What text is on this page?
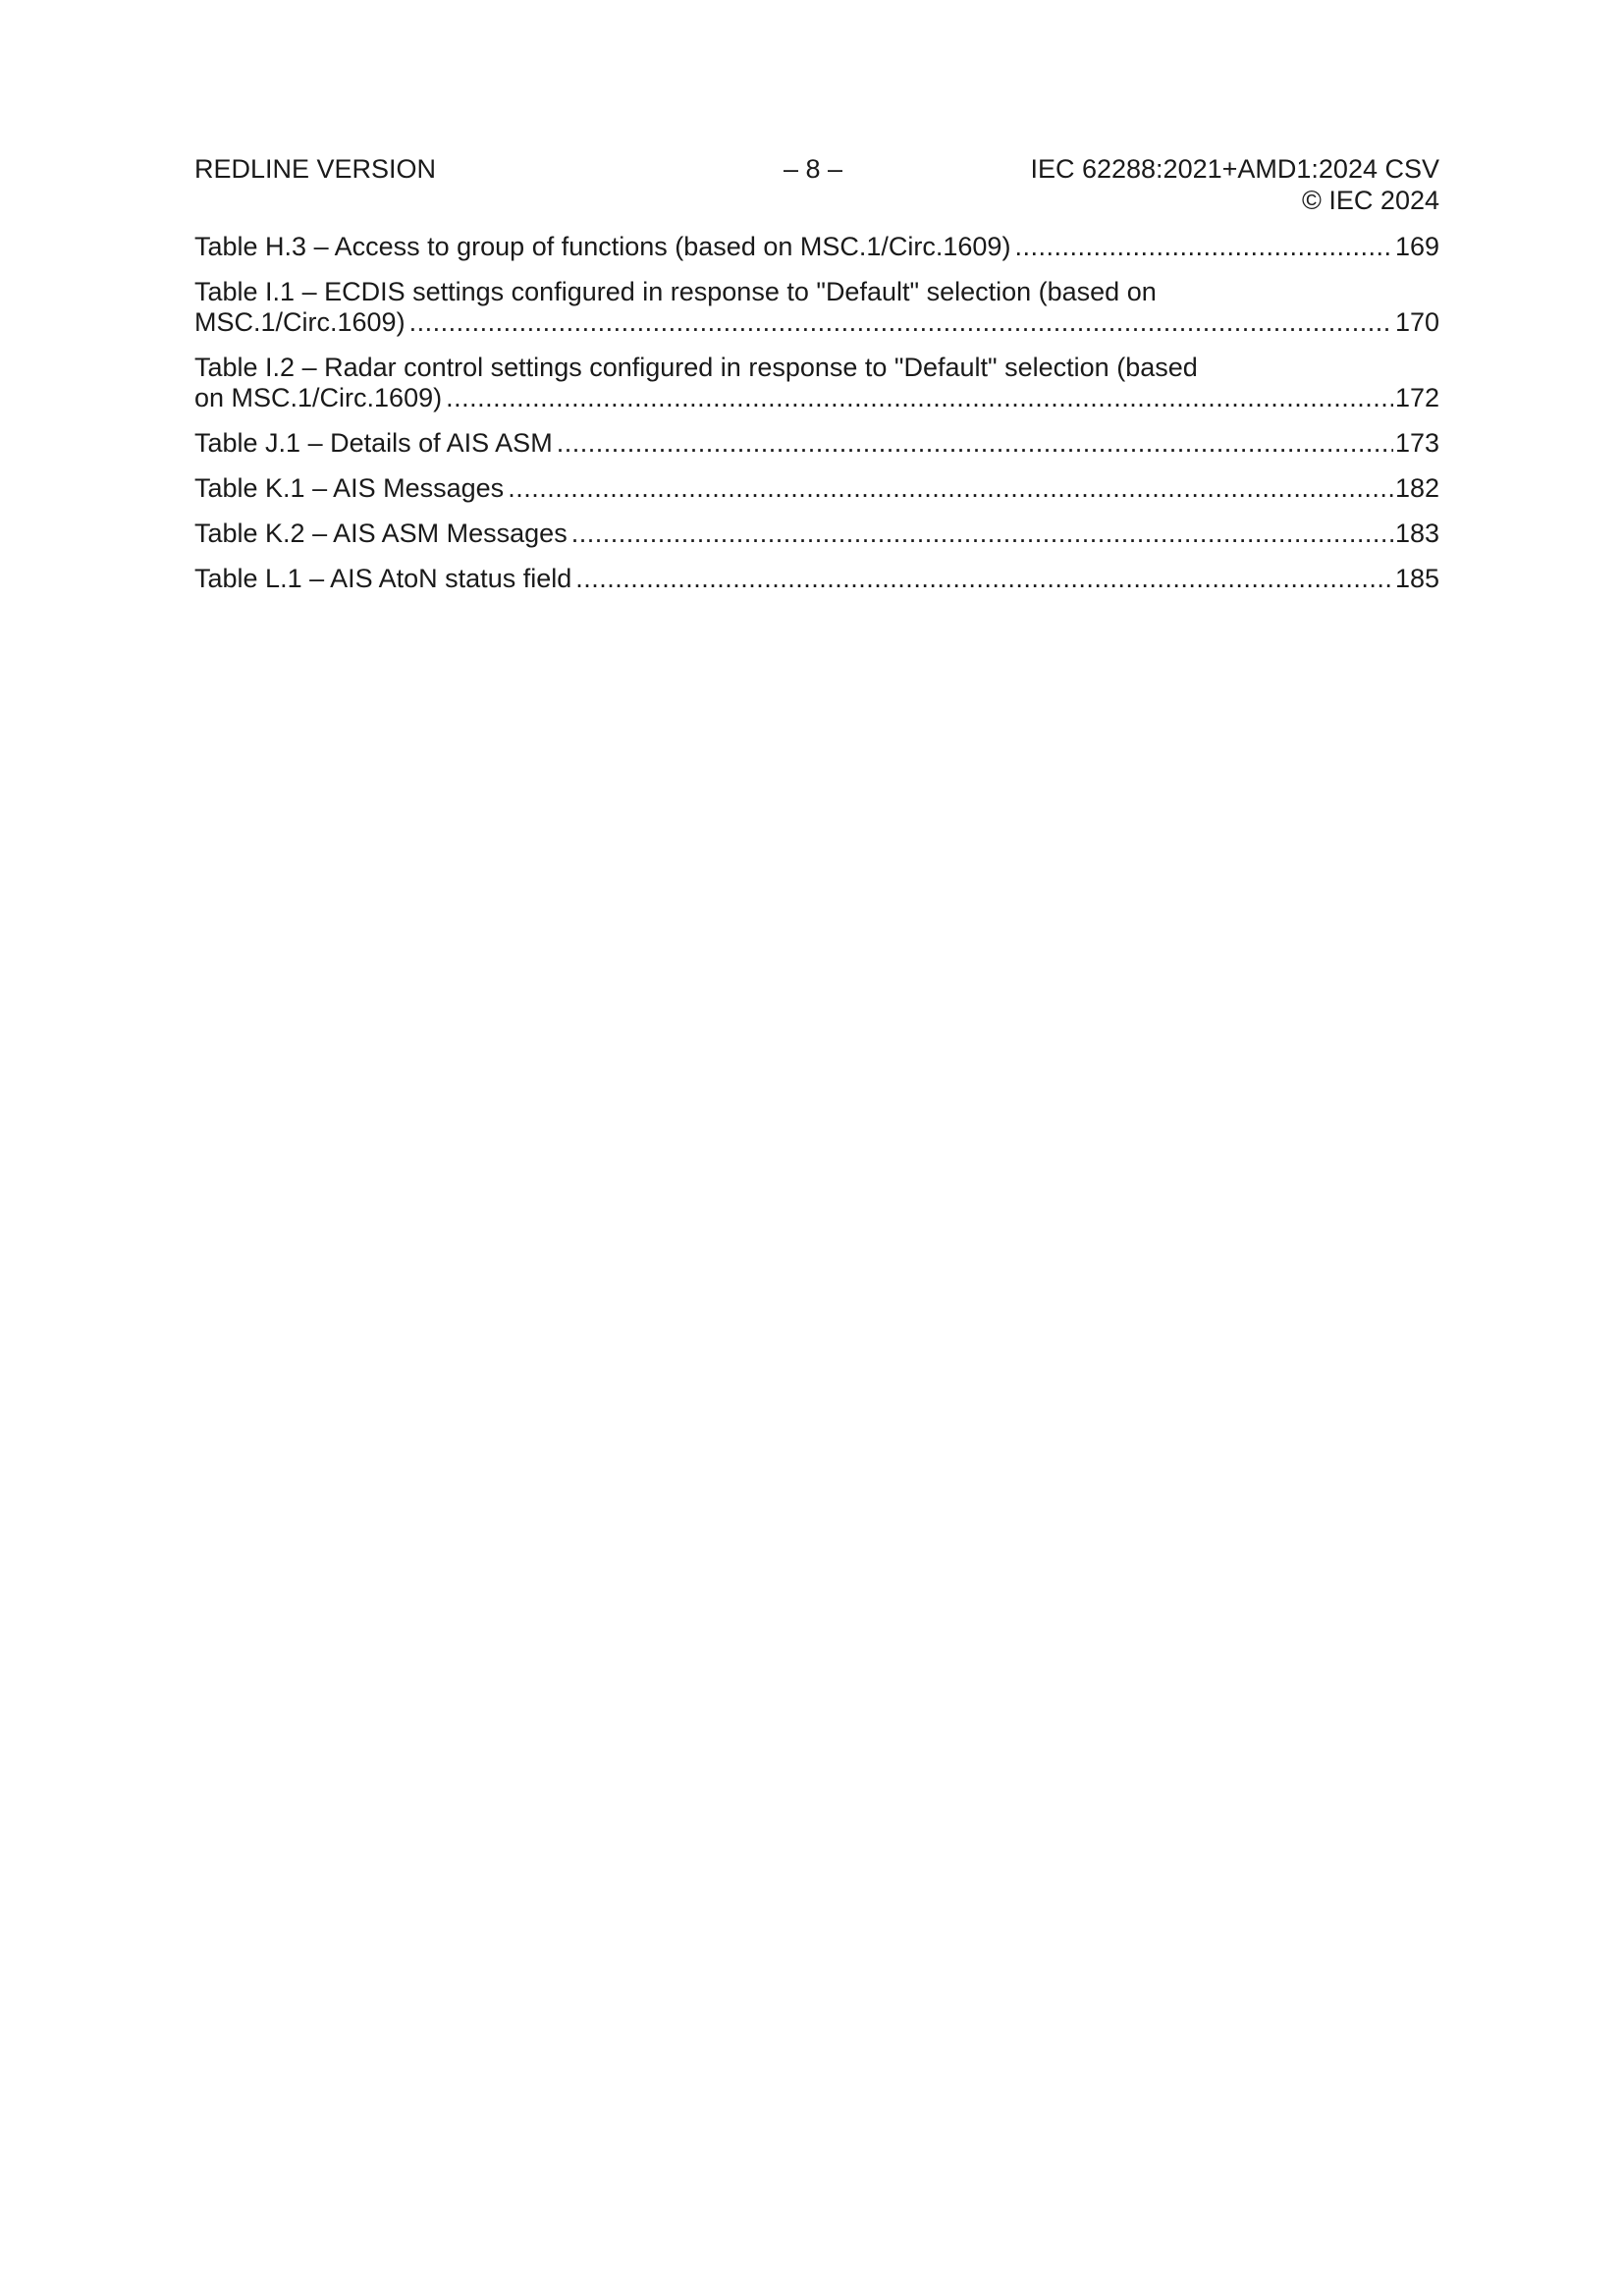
REDLINE VERSION	– 8 –	IEC 62288:2021+AMD1:2024 CSV
© IEC 2024
Table H.3 – Access to group of functions (based on MSC.1/Circ.1609) .....	169
Table I.1 – ECDIS settings configured in response to "Default" selection (based on
MSC.1/Circ.1609) .....	170
Table I.2 – Radar control settings configured in response to "Default" selection (based
on MSC.1/Circ.1609) .....	172
Table J.1 – Details of AIS ASM .....	173
Table K.1 – AIS Messages .....	182
Table K.2 – AIS ASM Messages .....	183
Table L.1 – AIS AtoN status field .....	185
